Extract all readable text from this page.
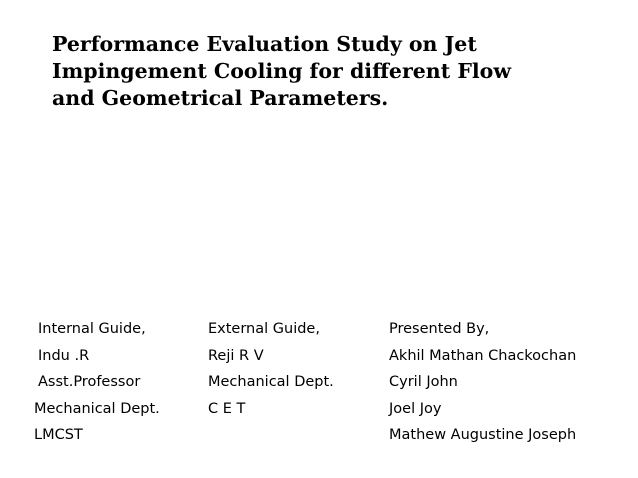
Performance Evaluation Study on Jet
Impingement Cooling for different Flow
and Geometrical Parameters.
Internal Guide,
Indu .R
Asst.Professor
Mechanical Dept.
LMCST
External Guide,
Reji R V
Mechanical Dept.
C E T
Presented By,
Akhil Mathan Chackochan
Cyril John
Joel Joy
Mathew Augustine Joseph
